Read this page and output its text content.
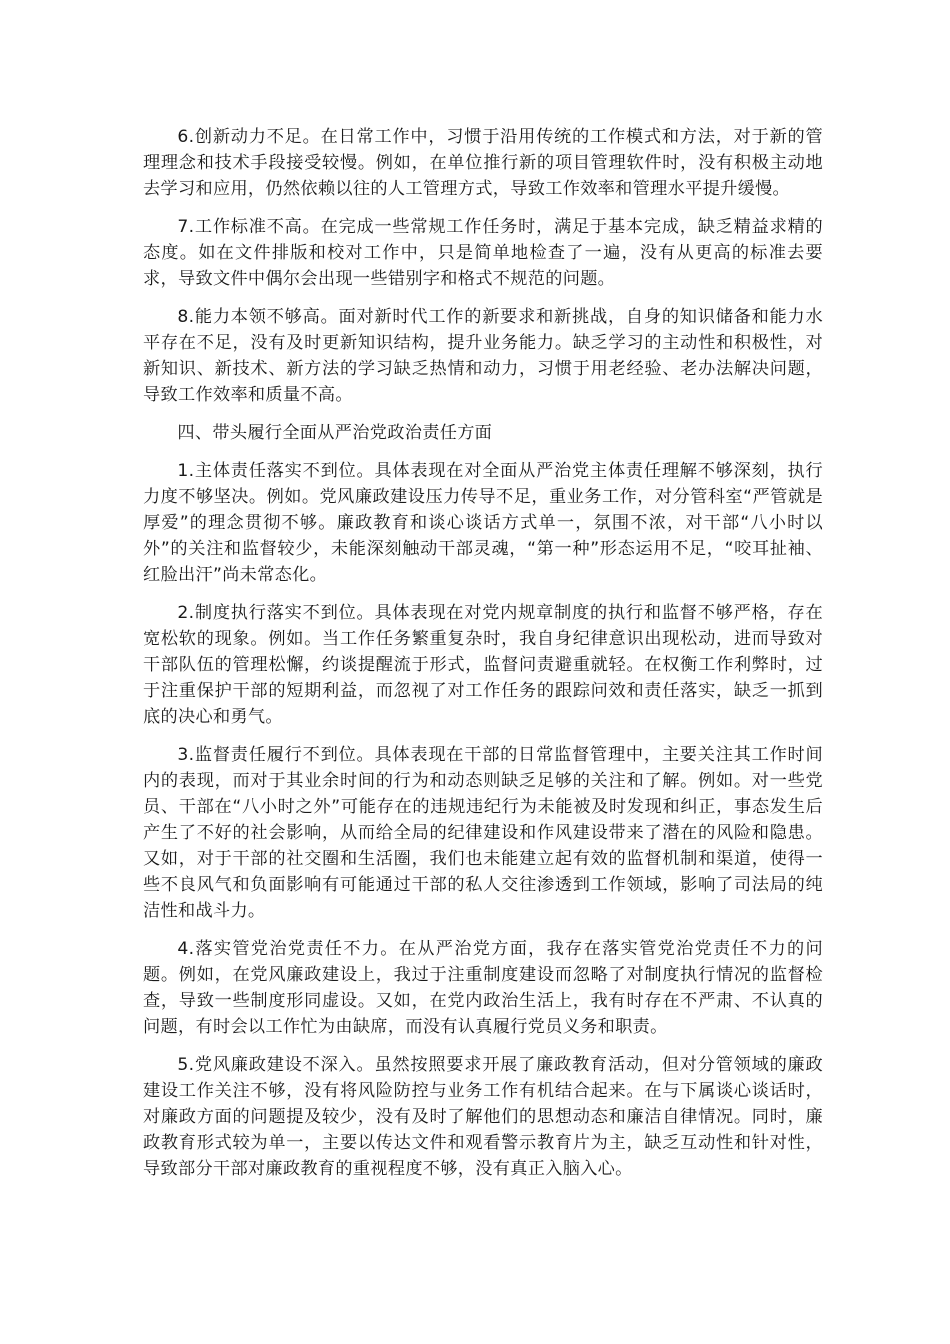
6.创新动力不足。在日常工作中，习惯于沿用传统的工作模式和方法，对于新的管理理念和技术手段接受较慢。例如，在单位推行新的项目管理软件时，没有积极主动地去学习和应用，仍然依赖以往的人工管理方式，导致工作效率和管理水平提升缓慢。

7.工作标准不高。在完成一些常规工作任务时，满足于基本完成，缺乏精益求精的态度。如在文件排版和校对工作中，只是简单地检查了一遍，没有从更高的标准去要求，导致文件中偶尔会出现一些错别字和格式不规范的问题。

8.能力本领不够高。面对新时代工作的新要求和新挑战，自身的知识储备和能力水平存在不足，没有及时更新知识结构，提升业务能力。缺乏学习的主动性和积极性，对新知识、新技术、新方法的学习缺乏热情和动力，习惯于用老经验、老办法解决问题，导致工作效率和质量不高。

四、带头履行全面从严治党政治责任方面

1.主体责任落实不到位。具体表现在对全面从严治党主体责任理解不够深刻，执行力度不够坚决。例如。党风廉政建设压力传导不足，重业务工作，对分管科室“严管就是厚爱”的理念贯彻不够。廉政教育和谈心谈话方式单一，氛围不浓，对干部“八小时以外”的关注和监督较少，未能深刻触动干部灵魂，“第一种”形态运用不足，“咬耳扯袖、红脸出汗”尚未常态化。

2.制度执行落实不到位。具体表现在对党内规章制度的执行和监督不够严格，存在宽松软的现象。例如。当工作任务繁重复杂时，我自身纪律意识出现松动，进而导致对干部队伍的管理松懈，约谈提醒流于形式，监督问责避重就轻。在权衡工作利弊时，过于注重保护干部的短期利益，而忽视了对工作任务的跟踪问效和责任落实，缺乏一抓到底的决心和勇气。

3.监督责任履行不到位。具体表现在干部的日常监督管理中，主要关注其工作时间内的表现，而对于其业余时间的行为和动态则缺乏足够的关注和了解。例如。对一些党员、干部在“八小时之外”可能存在的违规违纪行为未能被及时发现和纠正，事态发生后产生了不好的社会影响，从而给全局的纪律建设和作风建设带来了潜在的风险和隐患。又如，对于干部的社交圈和生活圈，我们也未能建立起有效的监督机制和渠道，使得一些不良风气和负面影响有可能通过干部的私人交往渗透到工作领域，影响了司法局的纯洁性和战斗力。

4.落实管党治党责任不力。在从严治党方面，我存在落实管党治党责任不力的问题。例如，在党风廉政建设上，我过于注重制度建设而忽略了对制度执行情况的监督检查，导致一些制度形同虚设。又如，在党内政治生活上，我有时存在不严肃、不认真的问题，有时会以工作忙为由缺席，而没有认真履行党员义务和职责。

5.党风廉政建设不深入。虽然按照要求开展了廉政教育活动，但对分管领域的廉政建设工作关注不够，没有将风险防控与业务工作有机结合起来。在与下属谈心谈话时，对廉政方面的问题提及较少，没有及时了解他们的思想动态和廉洁自律情况。同时，廉政教育形式较为单一，主要以传达文件和观看警示教育片为主，缺乏互动性和针对性，导致部分干部对廉政教育的重视程度不够，没有真正入脑入心。
